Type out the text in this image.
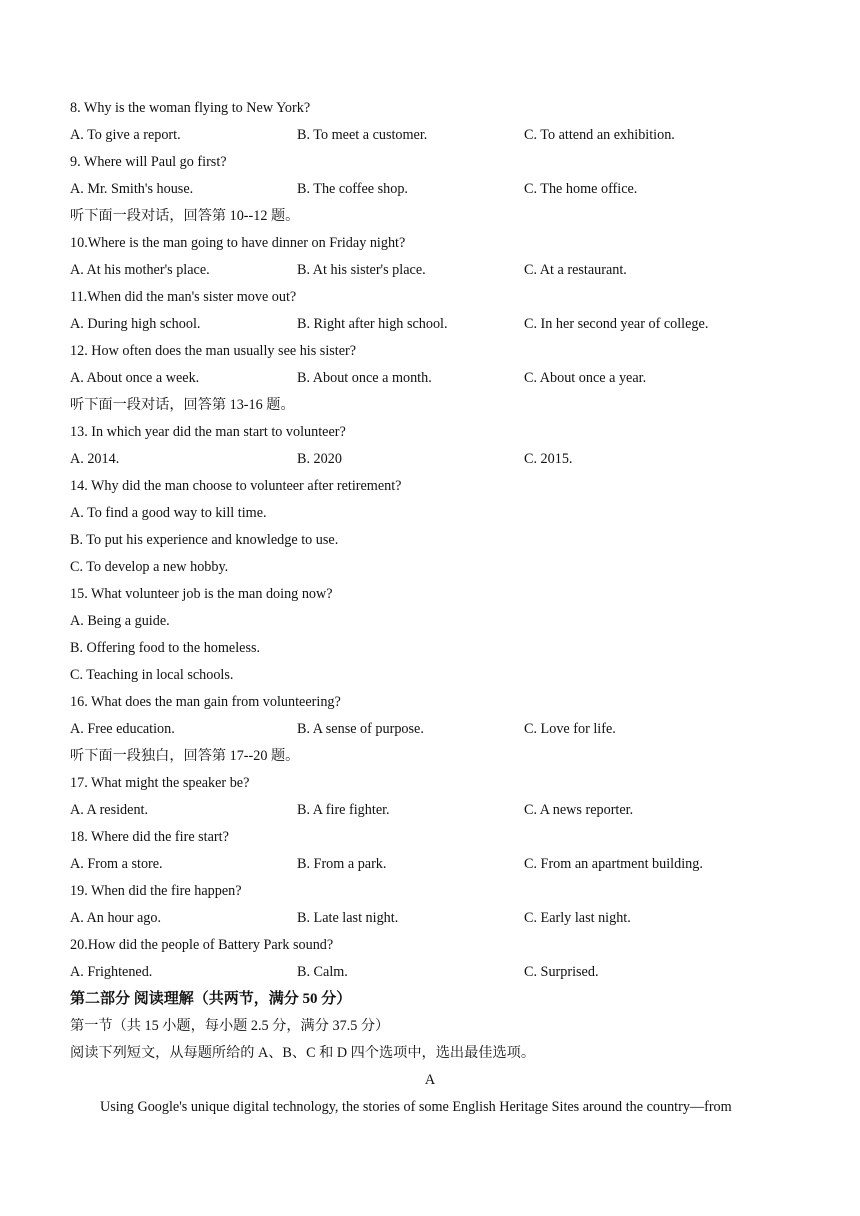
8. Why is the woman flying to New York?
A. To give a report.	B. To meet a customer.	C. To attend an exhibition.
9. Where will Paul go first?
A. Mr. Smith's house.	B. The coffee shop.	C. The home office.
听下面一段对话，回答第 10--12 题。
10.Where is the man going to have dinner on Friday night?
A. At his mother's place.	B. At his sister's place.	C. At a restaurant.
11.When did the man's sister move out?
A. During high school.	B. Right after high school.	C. In her second year of college.
12. How often does the man usually see his sister?
A. About once a week.	B. About once a month.	C. About once a year.
听下面一段对话，回答第 13-16 题。
13. In which year did the man start to volunteer?
A. 2014.	B. 2020	C. 2015.
14. Why did the man choose to volunteer after retirement?
A. To find a good way to kill time.
B. To put his experience and knowledge to use.
C. To develop a new hobby.
15. What volunteer job is the man doing now?
A. Being a guide.
B. Offering food to the homeless.
C. Teaching in local schools.
16. What does the man gain from volunteering?
A. Free education.	B. A sense of purpose.	C. Love for life.
听下面一段独白，回答第 17--20 题。
17. What might the speaker be?
A. A resident.	B. A fire fighter.	C. A news reporter.
18. Where did the fire start?
A. From a store.	B. From a park.	C. From an apartment building.
19. When did the fire happen?
A. An hour ago.	B. Late last night.	C. Early last night.
20.How did the people of Battery Park sound?
A. Frightened.	B. Calm.	C. Surprised.
第二部分 阅读理解（共两节，满分 50 分）
第一节（共 15 小题，每小题 2.5 分，满分 37.5 分）
阅读下列短文，从每题所给的 A、B、C 和 D 四个选项中，选出最佳选项。
A
Using Google's unique digital technology, the stories of some English Heritage Sites around the country—from
